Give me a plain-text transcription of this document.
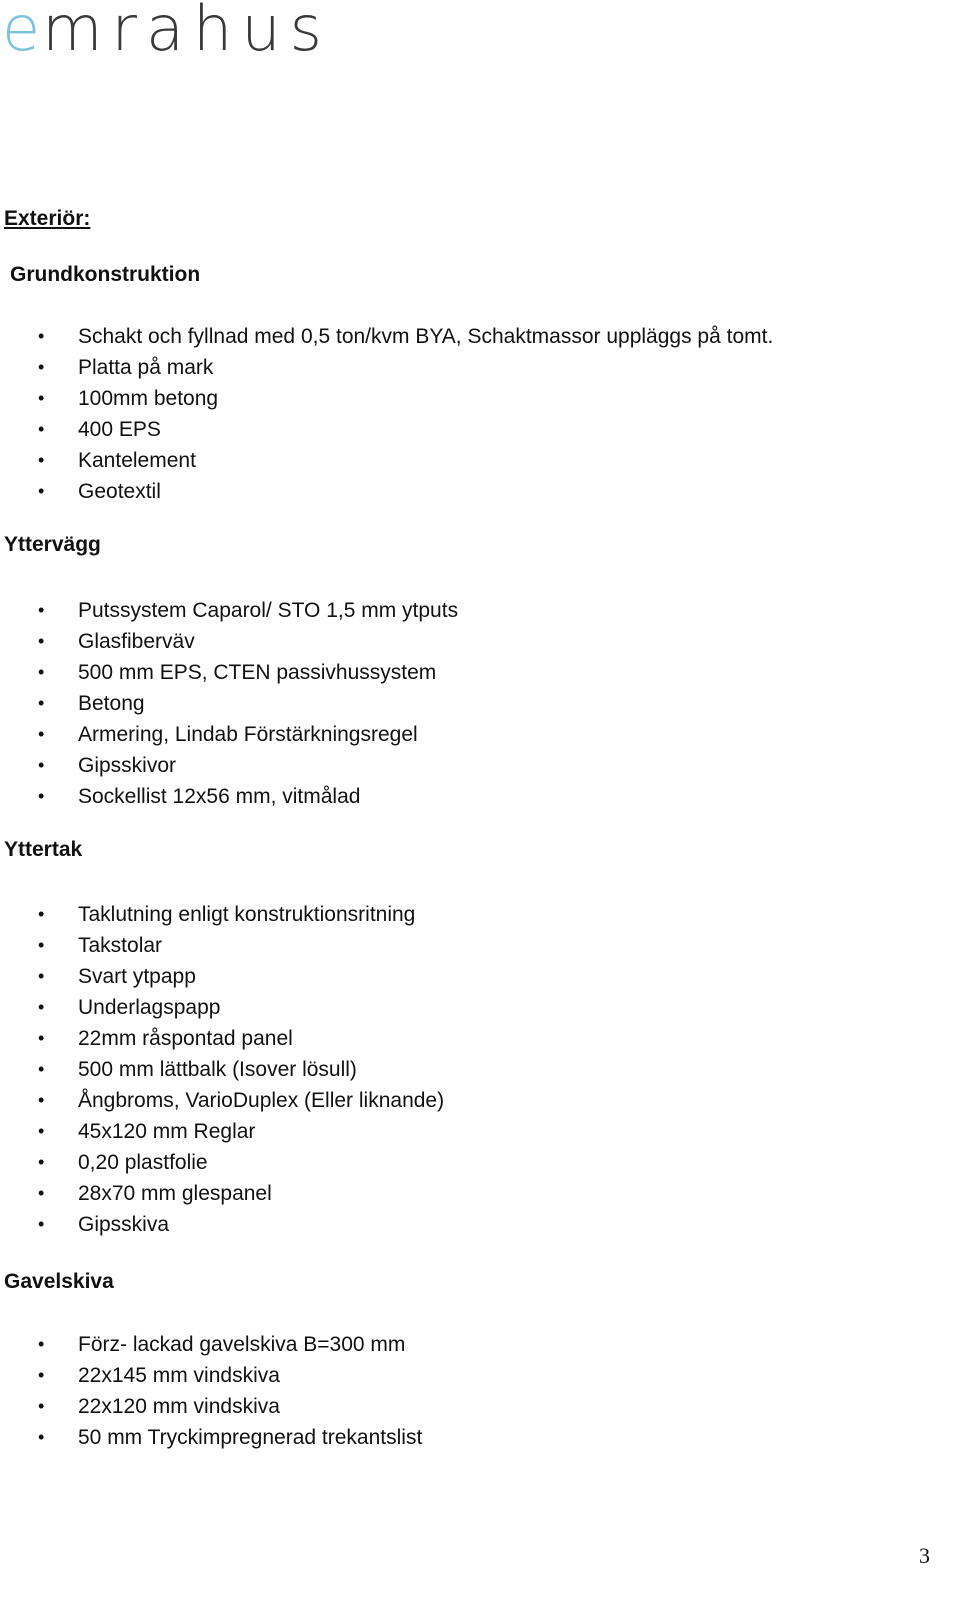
e mrahus
Exteriör:
Grundkonstruktion
• Schakt och fyllnad med 0,5 ton/kvm BYA, Schaktmassor uppläggs på tomt.
• Platta på mark
• 100mm betong
• 400 EPS
• Kantelement
• Geotextil
Yttervägg
• Putssystem Caparol/ STO 1,5 mm ytputs
• Glasfiberväv
• 500 mm EPS, CTEN passivhussystem
• Betong
• Armering, Lindab Förstärkningsregel
• Gipsskivor
• Sockellist 12x56 mm, vitmålad
Yttertak
• Taklutning enligt konstruktionsritning
• Takstolar
• Svart ytpapp
• Underlagspapp
• 22mm råspontad panel
• 500 mm lättbalk (Isover lösull)
• Ångbroms, VarioDuplex (Eller liknande)
• 45x120 mm Reglar
• 0,20 plastfolie
• 28x70 mm glespanel
• Gipsskiva
Gavelskiva
• Förz- lackad gavelskiva B=300 mm
• 22x145 mm vindskiva
• 22x120 mm vindskiva
• 50 mm Tryckimpregnerad trekantslist
3
